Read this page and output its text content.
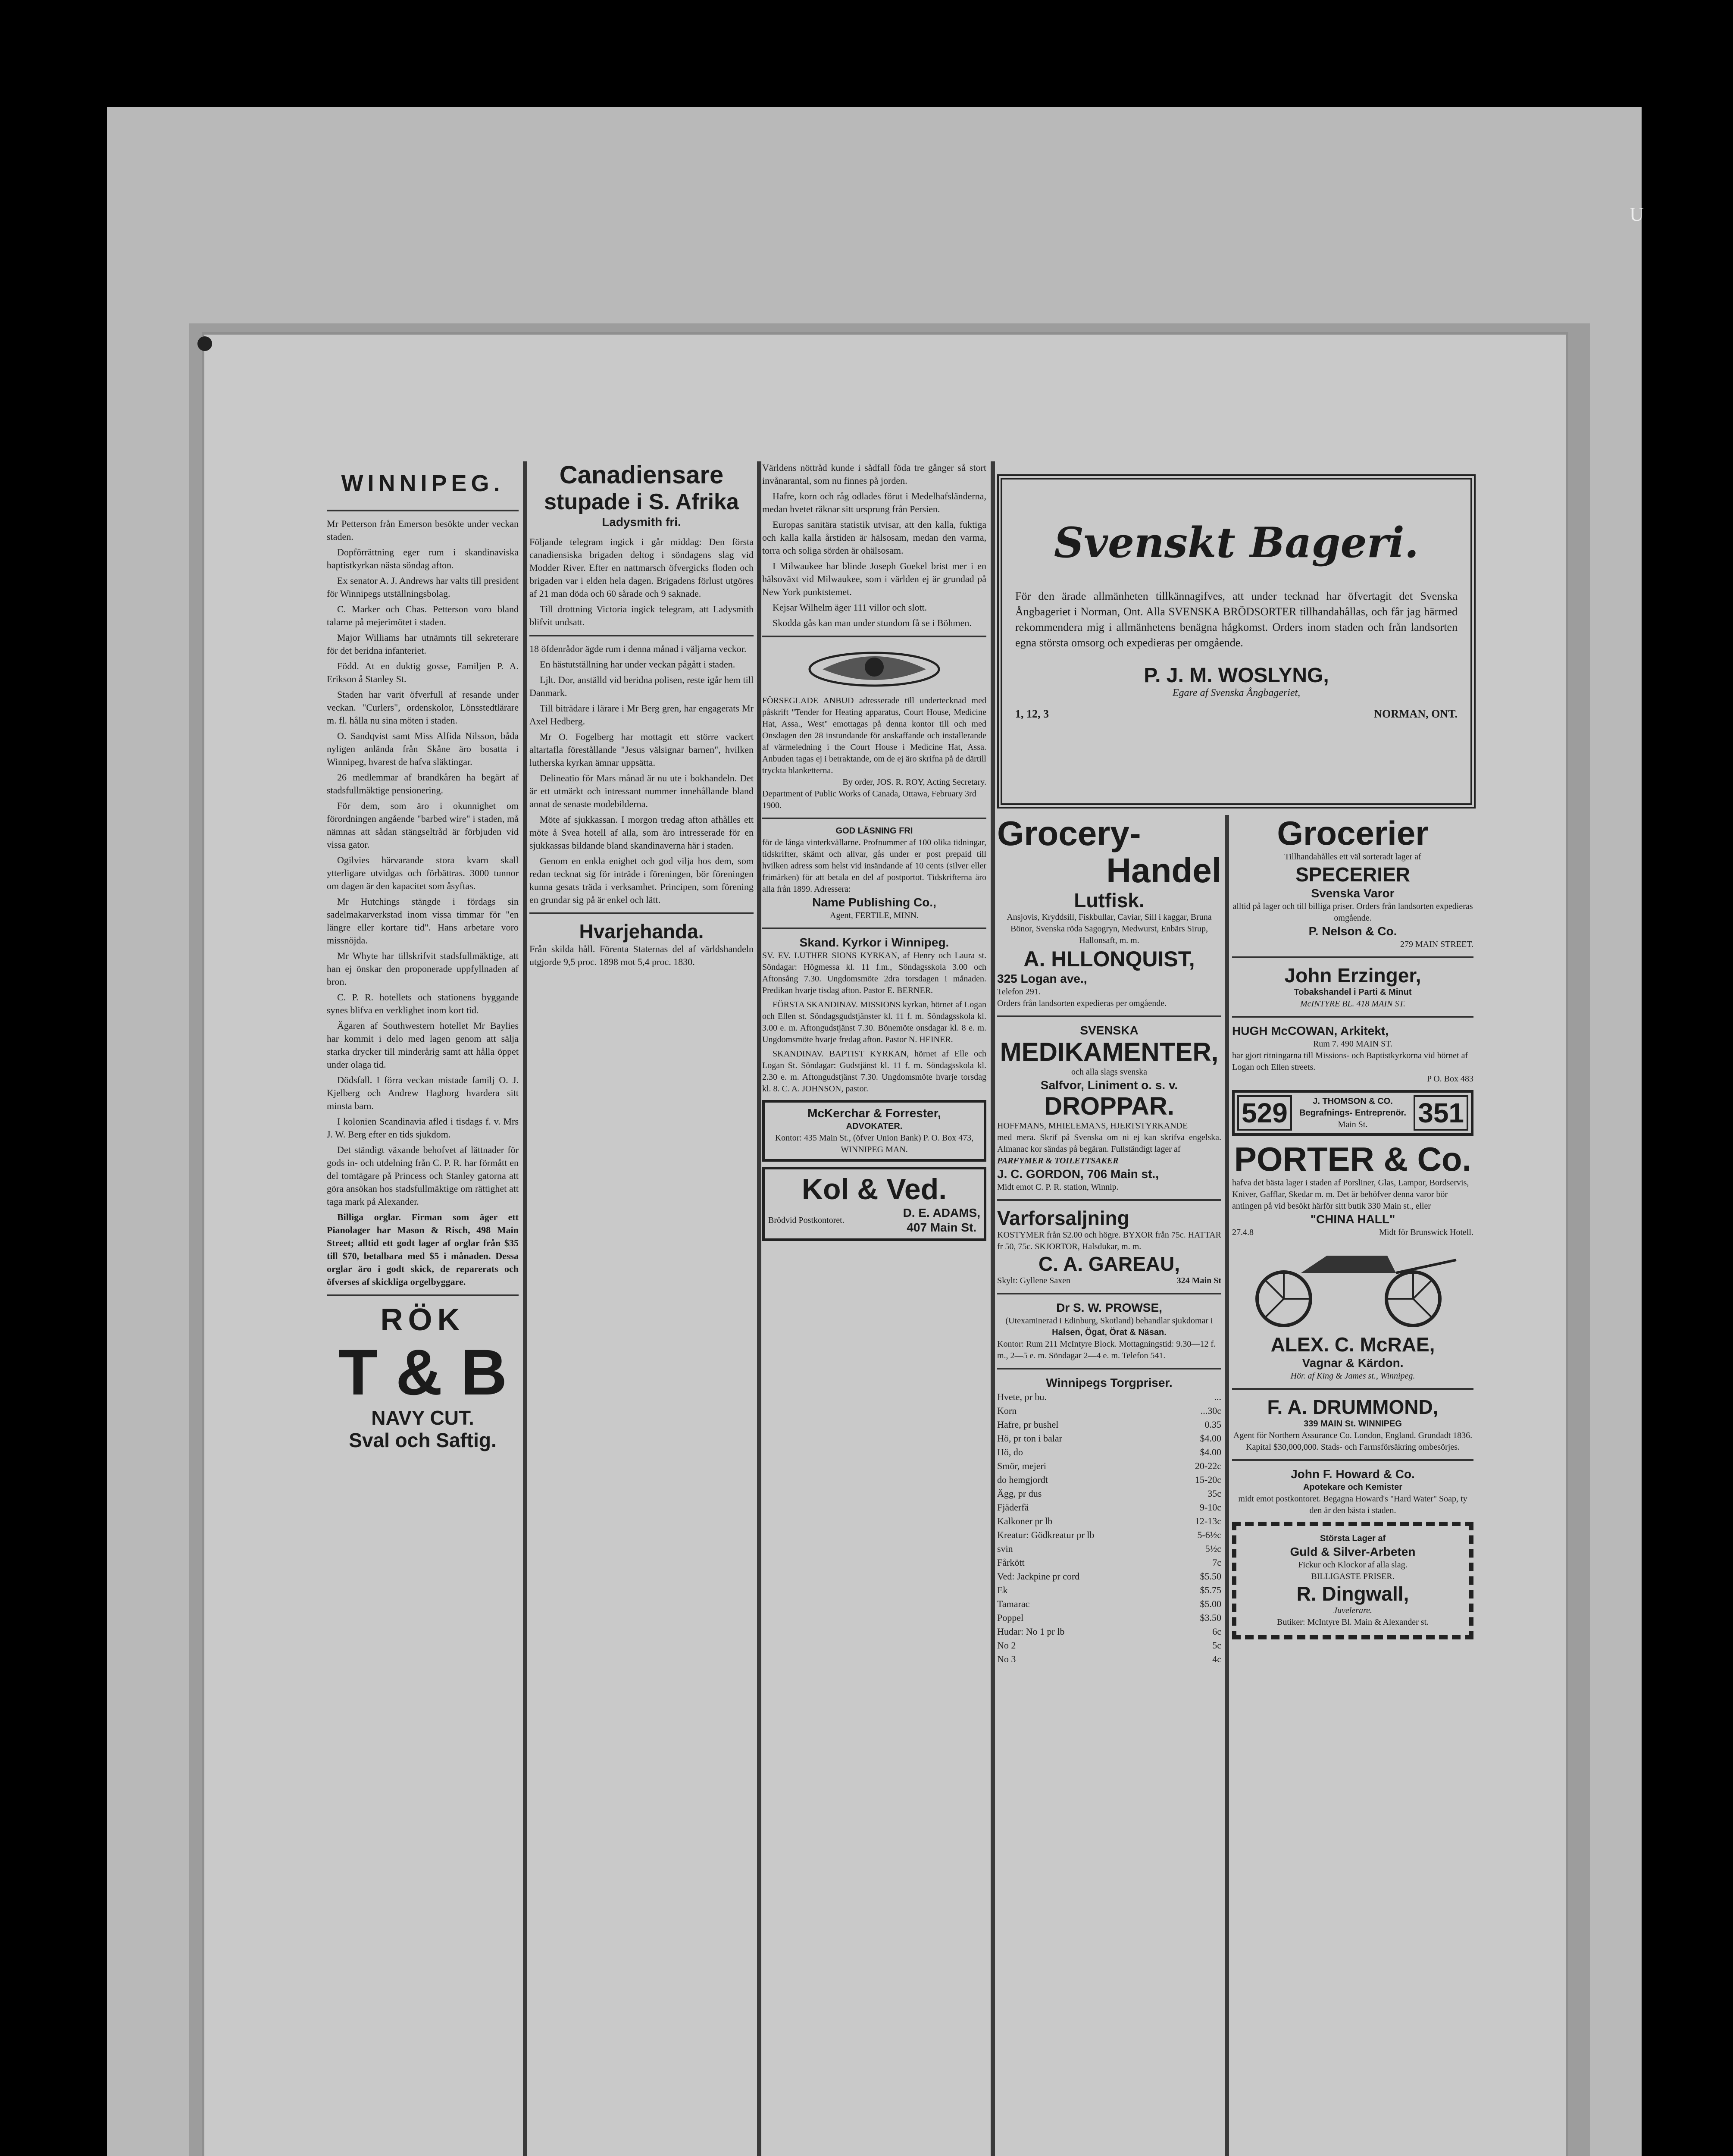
U
WINNIPEG.

Mr Petterson från Emerson besökte under veckan staden.

Dopförrättning eger rum i skandinaviska baptistkyrkan nästa söndag afton.

Ex senator A. J. Andrews har valts till president för Winnipegs utställningsbolag.

C. Marker och Chas. Petterson voro bland talarne på mejerimötet i staden.

Major Williams har utnämnts till sekreterare för det beridna infanteriet.

Född. At en duktig gosse, Familjen P. A. Erikson å Stanley St.

Staden har varit öfverfull af resande under veckan. "Curlers", ordenskolor, Lönsstedtlärare m. fl. hålla nu sina möten i staden.

O. Sandqvist samt Miss Alfida Nilsson, båda nyligen anlända från Skåne äro bosatta i Winnipeg, hvarest de hafva släktingar.

26 medlemmar af brandkåren ha begärt af stadsfullmäktige pensionering.

För dem, som äro i okunnighet om förordningen angående "barbed wire" i staden, må nämnas att sådan stängseltråd är förbjuden vid vissa gator.

Ogilvies härvarande stora kvarn skall ytterligare utvidgas och förbättras. 3000 tunnor om dagen är den kapacitet som åsyftas.

Mr Hutchings stängde i fördags sin sadelmakarverkstad inom vissa timmar för "en längre eller kortare tid". Hans arbetare voro missnöjda.

Mr Whyte har tillskrifvit stadsfullmäktige, att han ej önskar den proponerade uppfyllnaden af bron.

C. P. R. hotellets och stationens byggande synes blifva en verklighet inom kort tid.

Ägaren af Southwestern hotellet Mr Baylies har kommit i delo med lagen genom att sälja starka drycker till minderårig samt att hålla öppet under olaga tid.

Dödsfall. I förra veckan mistade familj O. J. Kjelberg och Andrew Hagborg hvardera sitt minsta barn.

I kolonien Scandinavia afled i tisdags f. v. Mrs J. W. Berg efter en tids sjukdom.

Det ständigt växande behofvet af lättnader för gods in- och utdelning från C. P. R. har förmått en del tomtägare på Princess och Stanley gatorna att göra ansökan hos stadsfullmäktige om rättighet att taga mark på Alexander.

Billiga orglar. Firman som äger ett Pianolager har Mason & Risch, 498 Main Street; alltid ett godt lager af orglar från $35 till $70, betalbara med $5 i månaden. Dessa orglar äro i godt skick, de reparerats och öfverses af skickliga orgelbyggare.

RÖK
T & B
NAVY CUT.
Sval och Saftig.
Canadiensare
stupade i S. Afrika
Ladysmith fri.

Följande telegram ingick i går middag: Den första canadiensiska brigaden deltog i söndagens slag vid Modder River. Efter en nattmarsch öfvergicks floden och brigaden var i elden hela dagen. Brigadens förlust utgöres af 21 man döda och 60 sårade och 9 saknade.

Till drottning Victoria ingick telegram, att Ladysmith blifvit undsatt.

18 öfdenrådor ägde rum i denna månad i väljarna veckor.

En hästutställning har under veckan pågått i staden.

Ljlt. Dor, anställd vid beridna polisen, reste igår hem till Danmark.

Till biträdare i lärare i Mr Berg gren, har engagerats Mr Axel Hedberg.

Mr O. Fogelberg har mottagit ett större vackert altartafla förestållande "Jesus välsignar barnen", hvilken lutherska kyrkan ämnar uppsätta.

Delineatio för Mars månad är nu ute i bokhandeln. Det är ett utmärkt och intressant nummer innehållande bland annat de senaste modebilderna.

Möte af sjukkassan. I morgon tredag afton afhålles ett möte å Svea hotell af alla, som äro intresserade för en sjukkassas bildande bland skandinaverna här i staden.

Genom en enkla enighet och god vilja hos dem, som redan tecknat sig för inträde i föreningen, bör föreningen kunna gesats träda i verksamhet. Principen, som förening en grundar sig på är enkel och lätt.

Hvarjehanda.
Från skilda håll. Förenta Staternas del af världshandeln utgjorde 9,5 proc. 1898 mot 5,4 proc. 1830.

Världens nöttråd kunde i sådfall föda tre gånger så stort invånarantal, som nu finnes på jorden.

Hafre, korn och råg odlades förut i Medelhafsländerna, medan hvetet räknar sitt ursprung från Persien.

Europas sanitära statistik utvisar, att den kalla, fuktiga och kalla kalla årstiden är hälsosam, medan den varma, torra och soliga sörden är ohälsosam.

I Milwaukee har blinde Joseph Goekel brist mer i en hälsoväxt vid Milwaukee, som i världen ej är grundad på New York punktstemet.

Kejsar Wilhelm äger 111 villor och slott.

Skodda gås kan man under stundom få se i Böhmen.

FÖRSEGLADE ANBUD adresserade till undertecknad med påskrift "Tender for Heating apparatus, Court House, Medicine Hat, Assa., West" emottagas på denna kontor till och med Onsdagen den 28 instundande för anskaffande och installerande af värmeledning i the Court House i Medicine Hat, Assa. Anbuden tagas ej i betraktande, om de ej äro skrifna på de därtill tryckta blanketterna.
By order, JOS. R. ROY, Acting Secretary.
Department of Public Works of Canada, Ottawa, February 3rd 1900.
GOD LÄSNING FRI
för de långa vinterkvällarne. Profnummer af 100 olika tidningar, tidskrifter, skämt och allvar, gås under er post prepaid till hvilken adress som helst vid insändande af 10 cents (silver eller frimärken) för att betala en del af postportot. Tidskrifterna äro alla från 1899. Adressera:
Name Publishing Co.,
Agent, FERTILE, MINN.
Skand. Kyrkor i Winnipeg.

SV. EV. LUTHER SIONS KYRKAN, af Henry och Laura st. Söndagar: Högmessa kl. 11 f.m., Söndagsskola 3.00 och Aftonsång 7.30. Ungdomsmöte 2dra torsdagen i månaden. Predikan hvarje tisdag afton. Pastor E. BERNER.

FÖRSTA SKANDINAV. MISSIONS kyrkan, hörnet af Logan och Ellen st. Söndagsgudstjänster kl. 11 f. m. Söndagsskola kl. 3.00 e. m. Aftongudstjänst 7.30. Bönemöte onsdagar kl. 8 e. m. Ungdomsmöte hvarje fredag afton. Pastor N. HEINER.

SKANDINAV. BAPTIST KYRKAN, hörnet af Elle och Logan St. Söndagar: Gudstjänst kl. 11 f. m. Söndagsskola kl. 2.30 e. m. Aftongudstjänst 7.30. Ungdomsmöte hvarje torsdag kl. 8. C. A. JOHNSON, pastor.

McKerchar & Forrester,
ADVOKATER.
Kontor: 435 Main St., (öfver Union Bank) P. O. Box 473, WINNIPEG MAN.
Kol & Ved.
Brödvid Postkontoret.
D. E. ADAMS,
407 Main St.
Svenskt Bageri.
För den ärade allmänheten tillkännagifves, att under tecknad har öfvertagit det Svenska Ångbageriet i Norman, Ont. Alla SVENSKA BRÖDSORTER tillhandahållas, och får jag härmed rekommendera mig i allmänhetens benägna hågkomst. Orders inom staden och från landsorten egna största omsorg och expedieras per omgående.
P. J. M. WOSLYNG,
Egare af Svenska Ångbageriet,
1, 12, 3	NORMAN, ONT.
Grocery-
Handel
Lutfisk.
Ansjovis, Kryddsill, Fiskbullar, Caviar, Sill i kaggar, Bruna Bönor, Svenska röda Sagogryn, Medwurst, Enbärs Sirup, Hallonsaft, m. m.
A. HLLONQUIST,
325 Logan ave.,
Telefon 291.
Orders från landsorten expedieras per omgående.
SVENSKA
MEDIKAMENTER,
och alla slags svenska
Salfvor, Liniment o. s. v.
DROPPAR.
HOFFMANS, MHIELEMANS, HJERTSTYRKANDE
med mera. Skrif på Svenska om ni ej kan skrifva engelska. Almanac kor sändas på begäran. Fullständigt lager af
PARFYMER & TOILETTSAKER
J. C. GORDON, 706 Main st.,
Midt emot C. P. R. station, Winnip.
Varforsaljning
KOSTYMER från $2.00 och högre. BYXOR från 75c. HATTAR fr 50, 75c. SKJORTOR, Halsdukar, m. m.
C. A. GAREAU,
Skylt: Gyllene Saxen	324 Main St
Dr S. W. PROWSE,
(Utexaminerad i Edinburg, Skotland) behandlar sjukdomar i
Halsen, Ögat, Örat & Näsan.
Kontor: Rum 211 McIntyre Block. Mottagningstid: 9.30—12 f. m., 2—5 e. m. Söndagar 2—4 e. m. Telefon 541.
Winnipegs Torgpriser.
Hvete, pr bu.	...
Korn	...30c
Hafre, pr bushel	0.35
Hö, pr ton i balar	$4.00
Hö, do	$4.00
Smör, mejeri	20-22c
do hemgjordt	15-20c
Ägg, pr dus	35c
Fjäderfä	9-10c
Kalkoner pr lb	12-13c
Kreatur: Gödkreatur pr lb	5-6½c
svin	5½c
Fårkött	7c
Ved: Jackpine pr cord	$5.50
Ek	$5.75
Tamarac	$5.00
Poppel	$3.50
Hudar: No 1 pr lb	6c
No 2	5c
No 3	4c
Grocerier
Tillhandahålles ett väl sorteradt lager af
SPECERIER
Svenska Varor
alltid på lager och till billiga priser. Orders från landsorten expedieras omgående.
P. Nelson & Co.
279 MAIN STREET.
John Erzinger,
Tobakshandel i Parti & Minut
McINTYRE BL. 418 MAIN ST.
HUGH McCOWAN, Arkitekt,
Rum 7. 490 MAIN ST.
har gjort ritningarna till Missions- och Baptistkyrkorna vid hörnet af Logan och Ellen streets.
P O. Box 483
529	J. THOMSON & CO.
Begrafnings- Entreprenör.
Main St.	351
PORTER & Co.
hafva det bästa lager i staden af Porsliner, Glas, Lampor, Bordservis, Kniver, Gafflar, Skedar m. m. Det är behöfver denna varor bör antingen på vid besökt härför sitt butik 330 Main st., eller
"CHINA HALL"
27.4.8	Midt för Brunswick Hotell.
ALEX. C. McRAE,
Vagnar & Kärdon.
Hör. af King & James st., Winnipeg.
F. A. DRUMMOND,
339 MAIN St. WINNIPEG
Agent för Northern Assurance Co. London, England. Grundadt 1836. Kapital $30,000,000. Stads- och Farmsförsäkring ombesörjes.
John F. Howard & Co.
Apotekare och Kemister
midt emot postkontoret. Begagna Howard's "Hard Water" Soap, ty den är den bästa i staden.
Största Lager af
Guld & Silver-Arbeten
Fickur och Klockor af alla slag.
BILLIGASTE PRISER.
R. Dingwall,
Juvelerare.
Butiker: McIntyre Bl. Main & Alexander st.
